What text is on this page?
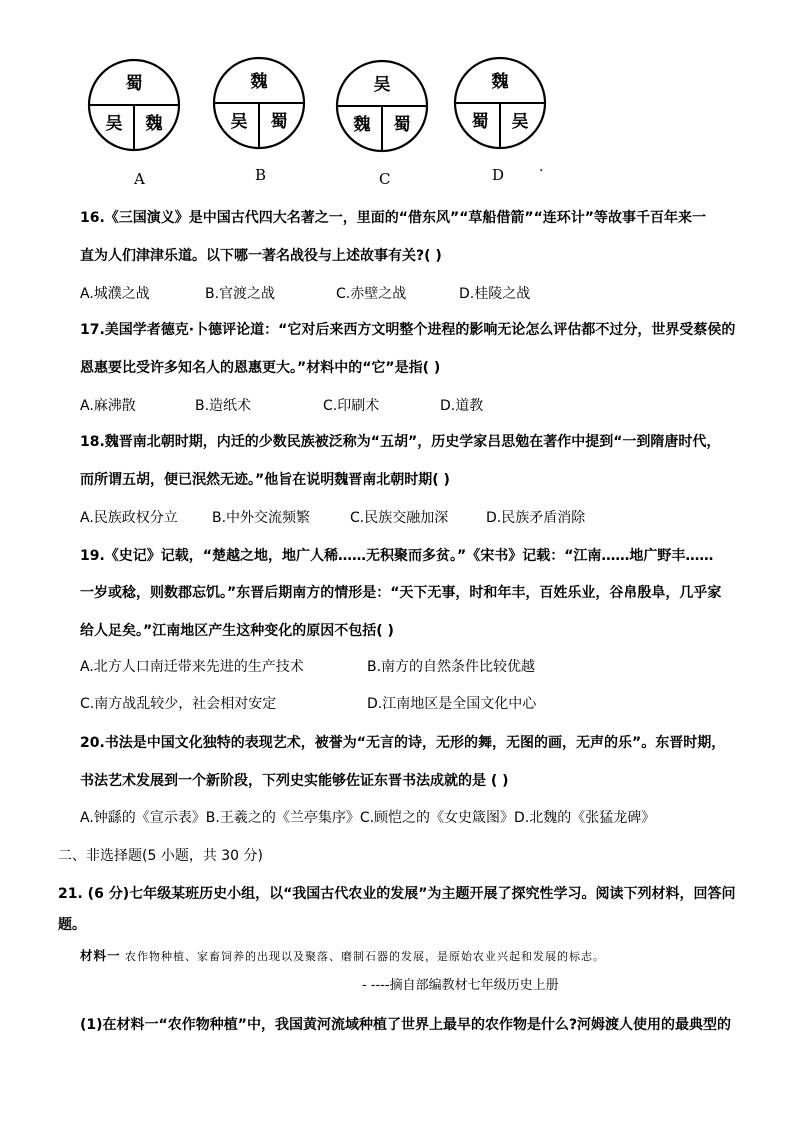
蜀
吴 魏
魏
吴 蜀
吴
魏 蜀
魏
蜀 吴
·
A	B	C	D
16.《三国演义》是中国古代四大名著之一，里面的“借东风”“草船借箭”“连环计”等故事千百年来一
直为人们津津乐道。以下哪一著名战役与上述故事有关?( )
A.城濮之战	B.官渡之战	C.赤壁之战	D.桂陵之战
17.美国学者德克·卜德评论道：“它对后来西方文明整个进程的影响无论怎么评估都不过分，世界受蔡侯的
恩惠要比受许多知名人的恩惠更大。”材料中的“它”是指( )
A.麻沸散	B.造纸术	C.印刷术	D.道教
18.魏晋南北朝时期，内迁的少数民族被泛称为“五胡”，历史学家吕思勉在著作中提到“一到隋唐时代，
而所谓五胡，便已泯然无迹。”他旨在说明魏晋南北朝时期( )
A.民族政权分立 B.中外交流频繁	C.民族交融加深	D.民族矛盾消除
19.《史记》记载，“楚越之地，地广人稀……无积聚而多贫。”《宋书》记载：“江南……地广野丰……
一岁或稔，则数郡忘饥。”东晋后期南方的情形是：“天下无事，时和年丰，百姓乐业，谷帛殷阜，几乎家
给人足矣。”江南地区产生这种变化的原因不包括( )
A.北方人口南迁带来先进的生产技术	B.南方的自然条件比较优越
C.南方战乱较少，社会相对安定	D.江南地区是全国文化中心
20.书法是中国文化独特的表现艺术，被誉为“无言的诗，无形的舞，无图的画，无声的乐”。东晋时期，
书法艺术发展到一个新阶段，下列史实能够佐证东晋书法成就的是 ( )
A.钟繇的《宣示表》B.王羲之的《兰亭集序》C.顾恺之的《女史箴图》D.北魏的《张猛龙碑》
二、非选择题(5 小题，共 30 分)
21. (6 分)七年级某班历史小组，以“我国古代农业的发展”为主题开展了探究性学习。阅读下列材料，回答问
题。
材料一 农作物种植、家畜饲养的出现以及聚落、磨制石器的发展，是原始农业兴起和发展的标志。
- ----摘自部编教材七年级历史上册
(1)在材料一“农作物种植”中，我国黄河流域种植了世界上最早的农作物是什么?河姆渡人使用的最典型的
